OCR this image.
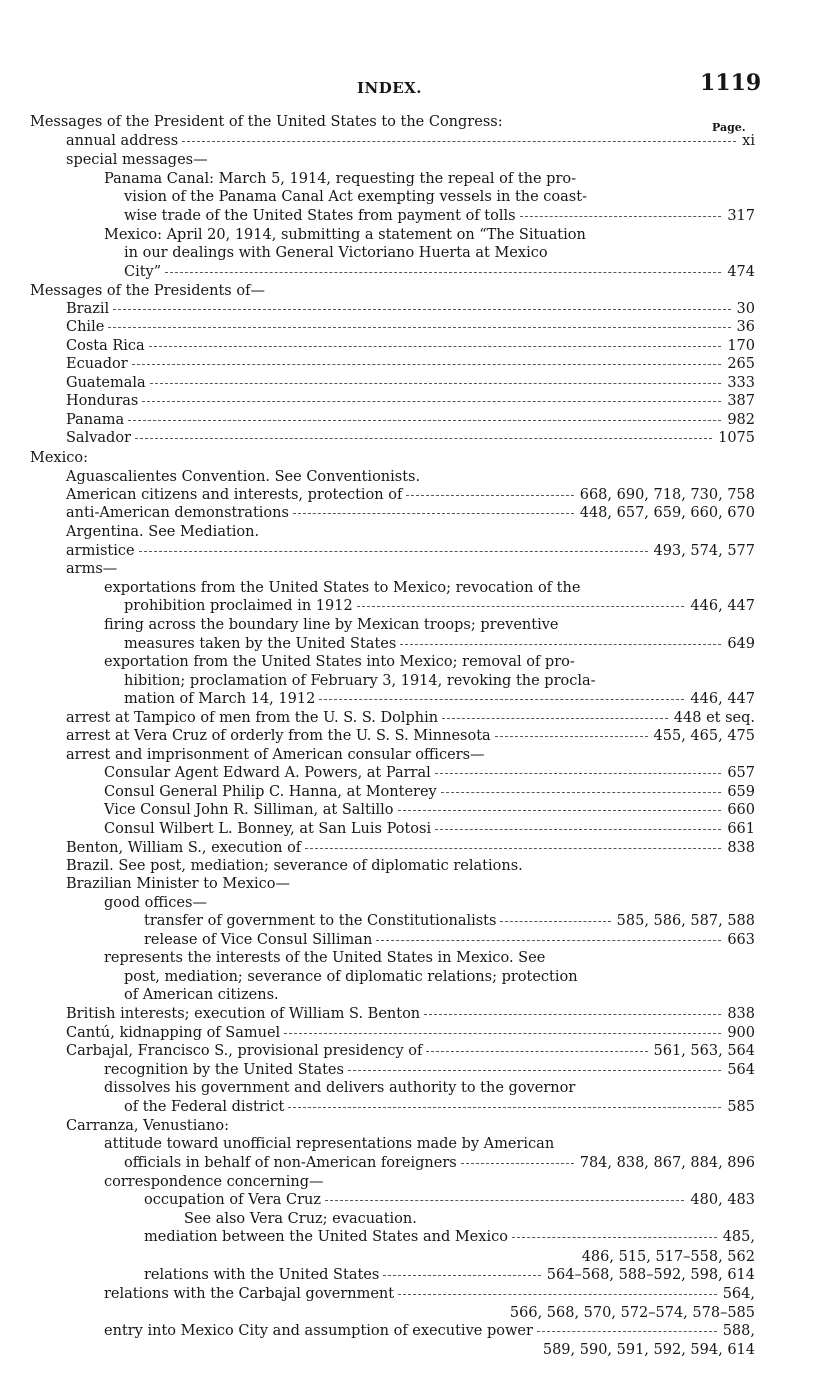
INDEX.	1119
Page.
Messages of the President of the United States to the Congress:
xi
annual address
special messages—
Panama Canal: March 5, 1914, requesting the repeal of the pro-
vision of the Panama Canal Act exempting vessels in the coast-
317
wise trade of the United States from payment of tolls
Mexico: April 20, 1914, submitting a statement on “The Situation
in our dealings with General Victoriano Huerta at Mexico
474
City”
Messages of the Presidents of—
30
Brazil
36
Chile
170
Costa Rica
265
Ecuador
333
Guatemala
387
Honduras
982
Panama
1075
Salvador
Mexico:
Aguascalientes Convention. See Conventionists.
668, 690, 718, 730, 758
American citizens and interests, protection of
448, 657, 659, 660, 670
anti-American demonstrations
Argentina. See Mediation.
493, 574, 577
armistice
arms—
exportations from the United States to Mexico; revocation of the
446, 447
prohibition proclaimed in 1912
firing across the boundary line by Mexican troops; preventive
649
measures taken by the United States
exportation from the United States into Mexico; removal of pro-
hibition; proclamation of February 3, 1914, revoking the procla-
446, 447
mation of March 14, 1912
448 et seq.
arrest at Tampico of men from the U. S. S. Dolphin
455, 465, 475
arrest at Vera Cruz of orderly from the U. S. S. Minnesota
arrest and imprisonment of American consular officers—
657
Consular Agent Edward A. Powers, at Parral
659
Consul General Philip C. Hanna, at Monterey
660
Vice Consul John R. Silliman, at Saltillo
661
Consul Wilbert L. Bonney, at San Luis Potosi
838
Benton, William S., execution of
Brazil. See post, mediation; severance of diplomatic relations.
Brazilian Minister to Mexico—
good offices—
585, 586, 587, 588
transfer of government to the Constitutionalists
663
release of Vice Consul Silliman
represents the interests of the United States in Mexico. See
post, mediation; severance of diplomatic relations; protection
of American citizens.
838
British interests; execution of William S. Benton
900
Cantú, kidnapping of Samuel
561, 563, 564
Carbajal, Francisco S., provisional presidency of
564
recognition by the United States
dissolves his government and delivers authority to the governor
585
of the Federal district
Carranza, Venustiano:
attitude toward unofficial representations made by American
784, 838, 867, 884, 896
officials in behalf of non-American foreigners
correspondence concerning—
480, 483
occupation of Vera Cruz
See also Vera Cruz; evacuation.
485,
mediation between the United States and Mexico
486, 515, 517–558, 562
564–568, 588–592, 598, 614
relations with the United States
564,
relations with the Carbajal government
566, 568, 570, 572–574, 578–585
588,
entry into Mexico City and assumption of executive power
589, 590, 591, 592, 594, 614
